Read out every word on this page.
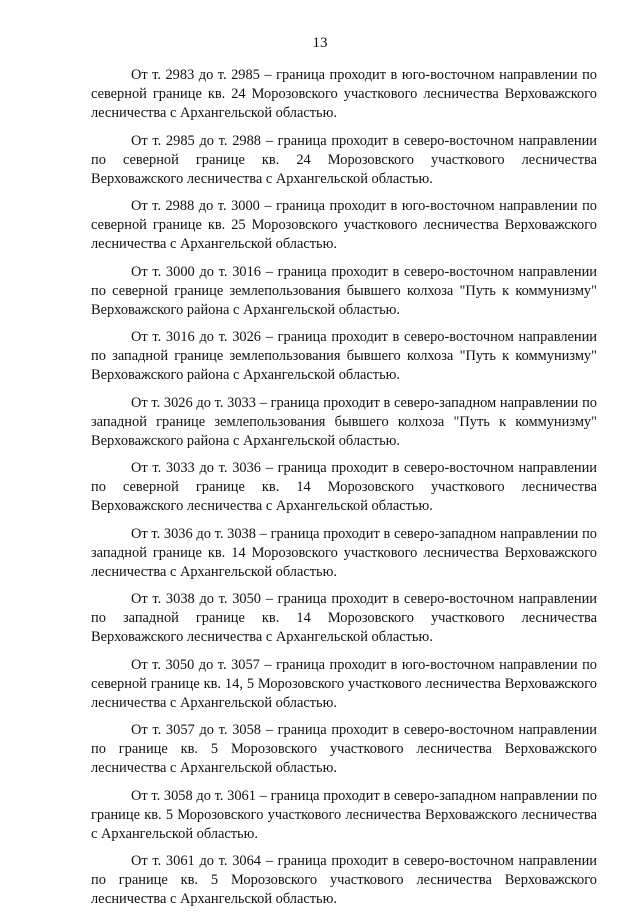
13

От т. 2983 до т. 2985 – граница проходит в юго-восточном направлении по северной границе кв. 24 Морозовского участкового лесничества Верховажского лесничества с Архангельской областью.

От т. 2985 до т. 2988 – граница проходит в северо-восточном направлении по северной границе кв. 24 Морозовского участкового лесничества Верховажского лесничества с Архангельской областью.

От т. 2988 до т. 3000 – граница проходит в юго-восточном направлении по северной границе кв. 25 Морозовского участкового лесничества Верховажского лесничества с Архангельской областью.

От т. 3000 до т. 3016 – граница проходит в северо-восточном направлении по северной границе землепользования бывшего колхоза "Путь к коммунизму" Верховажского района с Архангельской областью.

От т. 3016 до т. 3026 – граница проходит в северо-восточном направлении по западной границе землепользования бывшего колхоза "Путь к коммунизму" Верховажского района с Архангельской областью.

От т. 3026 до т. 3033 – граница проходит в северо-западном направлении по западной границе землепользования бывшего колхоза "Путь к коммунизму" Верховажского района с Архангельской областью.

От т. 3033 до т. 3036 – граница проходит в северо-восточном направлении по северной границе кв. 14 Морозовского участкового лесничества Верховажского лесничества с Архангельской областью.

От т. 3036 до т. 3038 – граница проходит в северо-западном направлении по западной границе кв. 14 Морозовского участкового лесничества Верховажского лесничества с Архангельской областью.

От т. 3038 до т. 3050 – граница проходит в северо-восточном направлении по западной границе кв. 14 Морозовского участкового лесничества Верховажского лесничества с Архангельской областью.

От т. 3050 до т. 3057 – граница проходит в юго-восточном направлении по северной границе кв. 14, 5 Морозовского участкового лесничества Верховажского лесничества с Архангельской областью.

От т. 3057 до т. 3058 – граница проходит в северо-восточном направлении по границе кв. 5 Морозовского участкового лесничества Верховажского лесничества с Архангельской областью.

От т. 3058 до т. 3061 – граница проходит в северо-западном направлении по границе кв. 5 Морозовского участкового лесничества Верховажского лесничества с Архангельской областью.

От т. 3061 до т. 3064 – граница проходит в северо-восточном направлении по границе кв. 5 Морозовского участкового лесничества Верховажского лесничества с Архангельской областью.
